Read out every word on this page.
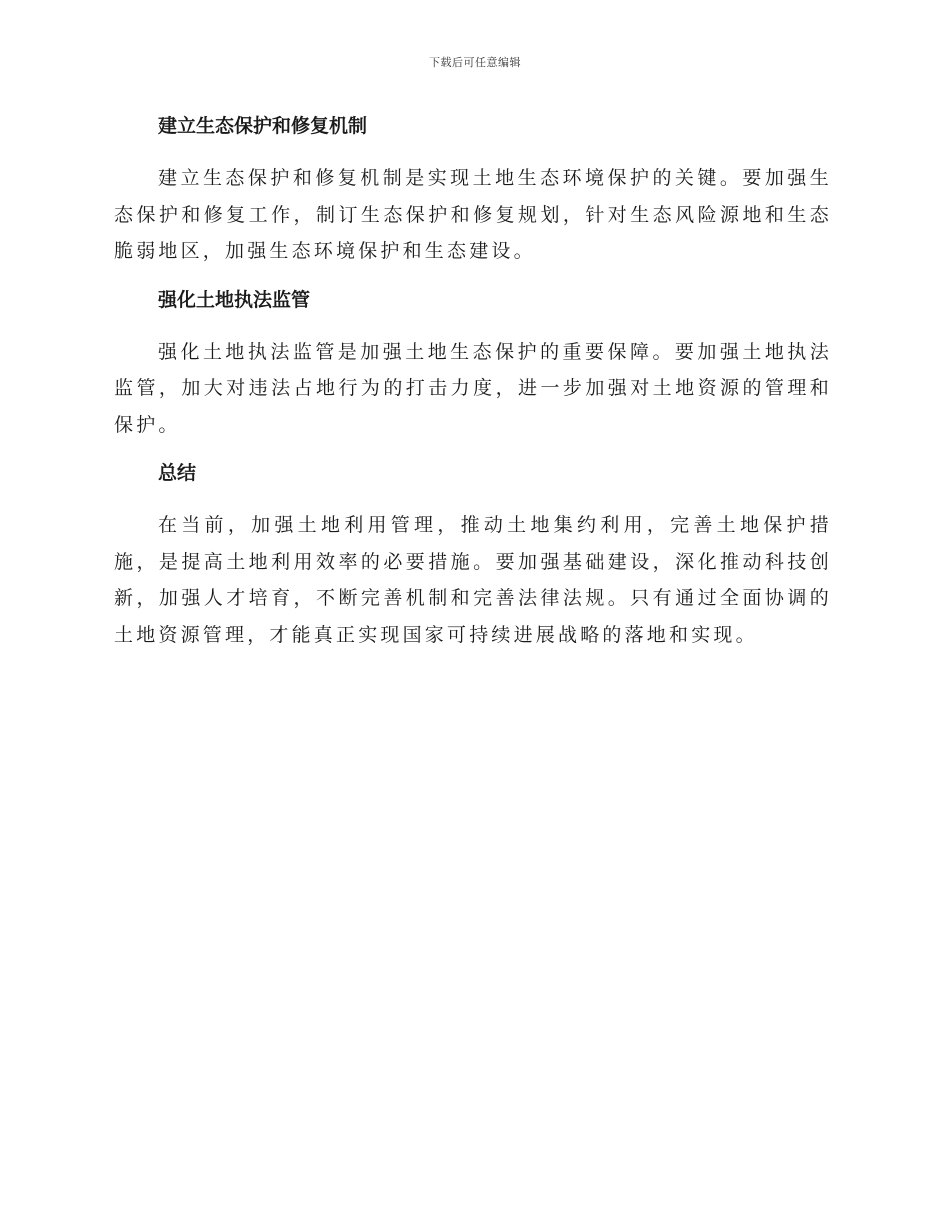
下载后可任意编辑
建立生态保护和修复机制

建立生态保护和修复机制是实现土地生态环境保护的关键。要加强生态保护和修复工作，制订生态保护和修复规划，针对生态风险源地和生态脆弱地区，加强生态环境保护和生态建设。

强化土地执法监管

强化土地执法监管是加强土地生态保护的重要保障。要加强土地执法监管，加大对违法占地行为的打击力度，进一步加强对土地资源的管理和保护。

总结

在当前，加强土地利用管理，推动土地集约利用，完善土地保护措施，是提高土地利用效率的必要措施。要加强基础建设，深化推动科技创新，加强人才培育，不断完善机制和完善法律法规。只有通过全面协调的土地资源管理，才能真正实现国家可持续进展战略的落地和实现。
